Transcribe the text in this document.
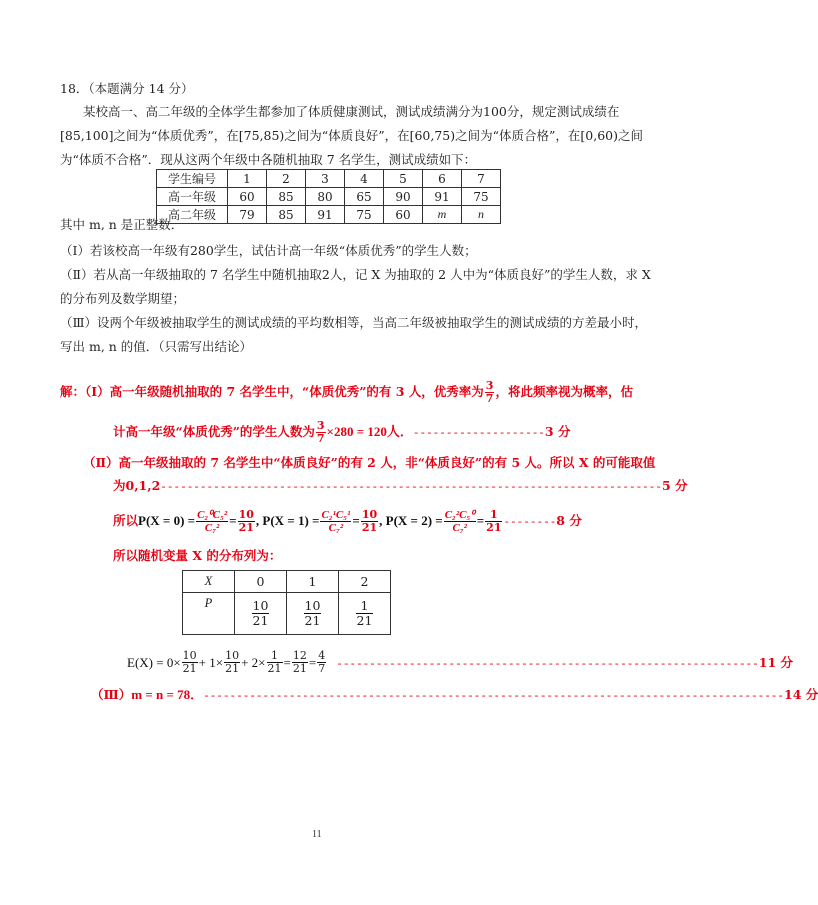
18．（本题满分 14 分）
某校高一、高二年级的全体学生都参加了体质健康测试，测试成绩满分为100分，规定测试成绩在
[85,100]之间为“体质优秀”，在[75,85)之间为“体质良好”，在[60,75)之间为“体质合格”，在[0,60)之间
为“体质不合格”．现从这两个年级中各随机抽取 7 名学生，测试成绩如下：
学生编号	1	2	3	4	5	6	7
高一年级	60	85	80	65	90	91	75
高二年级	79	85	91	75	60	m	n
其中 m, n 是正整数．
（Ⅰ）若该校高一年级有280学生，试估计高一年级“体质优秀”的学生人数；
（Ⅱ）若从高一年级抽取的 7 名学生中随机抽取2人，记 X 为抽取的 2 人中为“体质良好”的学生人数，求 X
的分布列及数学期望；
（Ⅲ）设两个年级被抽取学生的测试成绩的平均数相等，当高二年级被抽取学生的测试成绩的方差最小时，
写出 m, n 的值．（只需写出结论）
解：（Ⅰ）高一年级随机抽取的 7 名学生中，“体质优秀”的有 3 人，优秀率为 $\frac{3}{7}$ ，将此频率视为概率，估
计高一年级“体质优秀”的学生人数为 $\frac{3}{7} \times 280 = 120$人．--------------------3 分
（Ⅱ）高一年级抽取的 7 名学生中“体质良好”的有 2 人，非“体质良好”的有 5 人。所以 X 的可能取值
为0,1,2----------------------------------------------------------------------------5 分
所以$P(X = 0) = \frac{\text{C₂⁰C₅²}}{\text{C₇²}} = \frac{10}{21}$ , $P(X = 1) = \frac{\text{C₂¹C₅¹}}{\text{C₇²}} = \frac{10}{21}$ , $P(X = 2) = \frac{\text{C₂²C₅⁰}}{\text{C₇²}} = \frac{1}{21} --------8$ 分
所以随机变量 X 的分布列为：
X	0	1	2
P	$\frac{10}{21}$	$\frac{10}{21}$	$\frac{1}{21}$
$E(X) = 0\times \frac{10}{21} + 1\times \frac{10}{21} + 2\times \frac{1}{21} = \frac{12}{21} = \frac{4}{7} ----------------------------------------------------------------11$ 分
（Ⅲ）m = n = 78．----------------------------------------------------------------------------------------14 分
11
